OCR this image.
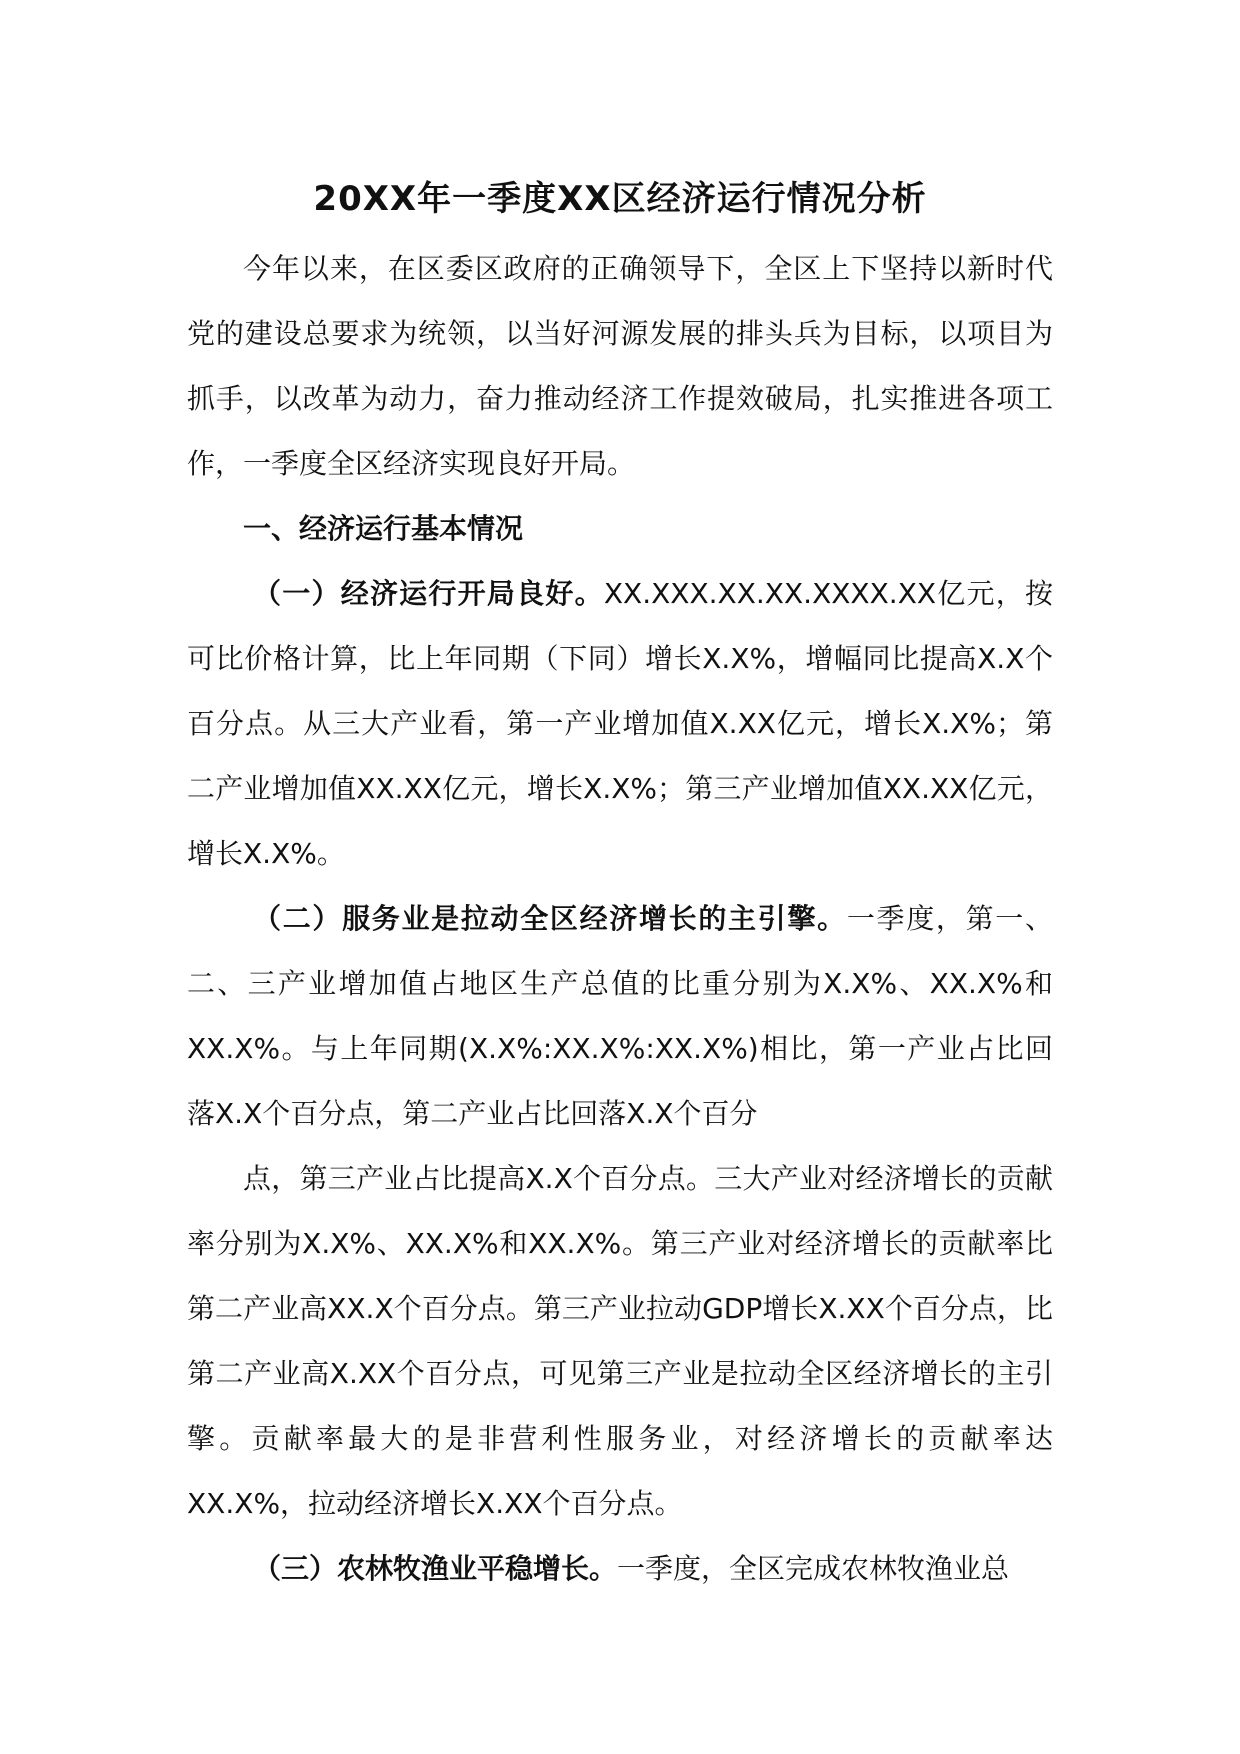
20XX年一季度XX区经济运行情况分析

今年以来，在区委区政府的正确领导下，全区上下坚持以新时代党的建设总要求为统领，以当好河源发展的排头兵为目标，以项目为抓手，以改革为动力，奋力推动经济工作提效破局，扎实推进各项工作，一季度全区经济实现良好开局。

一、经济运行基本情况

（一）经济运行开局良好。XX.XXX.XX.XX.XXXX.XX亿元，按可比价格计算，比上年同期（下同）增长X.X%，增幅同比提高X.X个百分点。从三大产业看，第一产业增加值X.XX亿元，增长X.X%；第二产业增加值XX.XX亿元，增长X.X%；第三产业增加值XX.XX亿元，增长X.X%。

（二）服务业是拉动全区经济增长的主引擎。一季度，第一、二、三产业增加值占地区生产总值的比重分别为X.X%、XX.X%和XX.X%。与上年同期(X.X%:XX.X%:XX.X%)相比，第一产业占比回落X.X个百分点，第二产业占比回落X.X个百分

点，第三产业占比提高X.X个百分点。三大产业对经济增长的贡献率分别为X.X%、XX.X%和XX.X%。第三产业对经济增长的贡献率比第二产业高XX.X个百分点。第三产业拉动GDP增长X.XX个百分点，比第二产业高X.XX个百分点，可见第三产业是拉动全区经济增长的主引擎。贡献率最大的是非营利性服务业，对经济增长的贡献率达XX.X%，拉动经济增长X.XX个百分点。

（三）农林牧渔业平稳增长。一季度，全区完成农林牧渔业总
